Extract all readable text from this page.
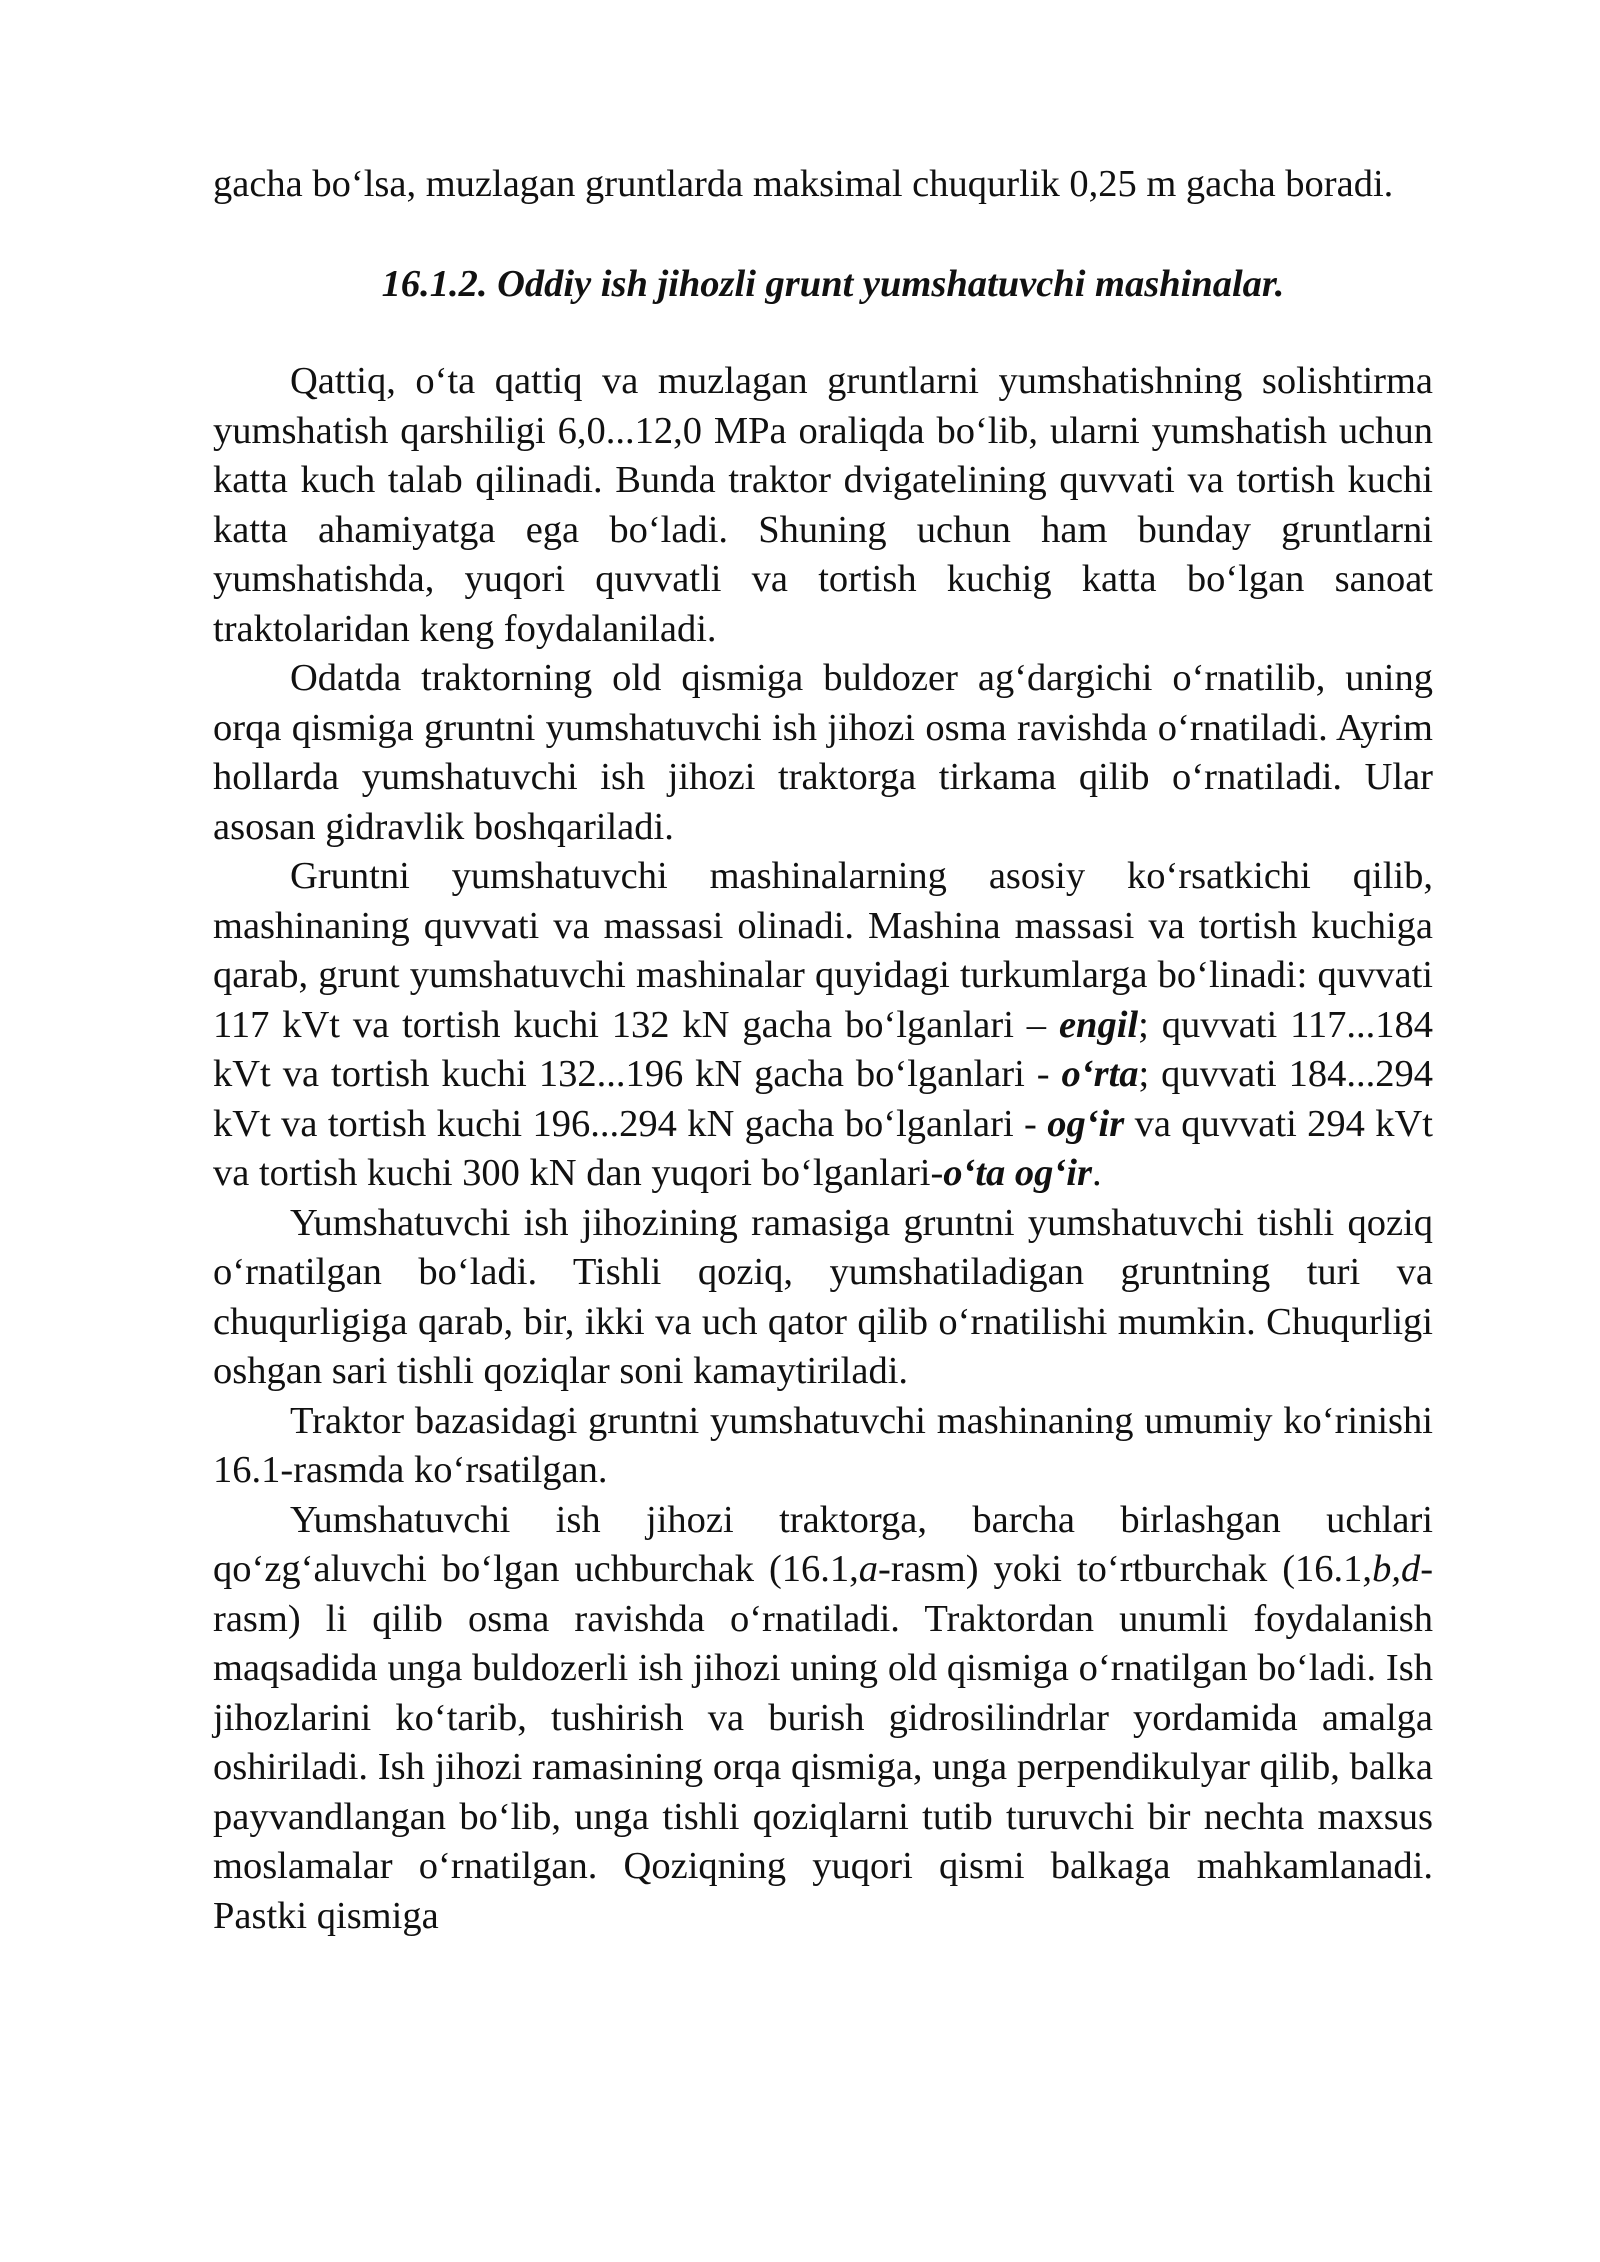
gacha bo‘lsa, muzlagan gruntlarda maksimal chuqurlik 0,25 m gacha boradi.

16.1.2. Oddiy ish jihozli grunt yumshatuvchi mashinalar.

Qattiq, o‘ta qattiq va muzlagan gruntlarni yumshatishning solishtirma yumshatish qarshiligi 6,0...12,0 MPa oraliqda bo‘lib, ularni yumshatish uchun katta kuch talab qilinadi. Bunda traktor dvigatelining quvvati va tortish kuchi katta ahamiyatga ega bo‘ladi. Shuning uchun ham bunday gruntlarni yumshatishda, yuqori quvvatli va tortish kuchig katta bo‘lgan sanoat traktolaridan keng foydalaniladi.

Odatda traktorning old qismiga buldozer ag‘dargichi o‘rnatilib, uning orqa qismiga gruntni yumshatuvchi ish jihozi osma ravishda o‘rnatiladi. Ayrim hollarda yumshatuvchi ish jihozi traktorga tirkama qilib o‘rnatiladi. Ular asosan gidravlik boshqariladi.

Gruntni yumshatuvchi mashinalarning asosiy ko‘rsatkichi qilib, mashinaning quvvati va massasi olinadi. Mashina massasi va tortish kuchiga qarab, grunt yumshatuvchi mashinalar quyidagi turkumlarga bo‘linadi: quvvati 117 kVt va tortish kuchi 132 kN gacha bo‘lganlari – engil; quvvati 117...184 kVt va tortish kuchi 132...196 kN gacha bo‘lganlari - o‘rta; quvvati 184...294 kVt va tortish kuchi 196...294 kN gacha bo‘lganlari - og‘ir va quvvati 294 kVt va tortish kuchi 300 kN dan yuqori bo‘lganlari-o‘ta og‘ir.

Yumshatuvchi ish jihozining ramasiga gruntni yumshatuvchi tishli qoziq o‘rnatilgan bo‘ladi. Tishli qoziq, yumshatiladigan gruntning turi va chuqurligiga qarab, bir, ikki va uch qator qilib o‘rnatilishi mumkin. Chuqurligi oshgan sari tishli qoziqlar soni kamaytiriladi.

Traktor bazasidagi gruntni yumshatuvchi mashinaning umumiy ko‘rinishi 16.1-rasmda ko‘rsatilgan.

Yumshatuvchi ish jihozi traktorga, barcha birlashgan uchlari qo‘zg‘aluvchi bo‘lgan uchburchak (16.1,a-rasm) yoki to‘rtburchak (16.1,b,d-rasm) li qilib osma ravishda o‘rnatiladi. Traktordan unumli foydalanish maqsadida unga buldozerli ish jihozi uning old qismiga o‘rnatilgan bo‘ladi. Ish jihozlarini ko‘tarib, tushirish va burish gidrosilindrlar yordamida amalga oshiriladi. Ish jihozi ramasining orqa qismiga, unga perpendikulyar qilib, balka payvandlangan bo‘lib, unga tishli qoziqlarni tutib turuvchi bir nechta maxsus moslamalar o‘rnatilgan. Qoziqning yuqori qismi balkaga mahkamlanadi. Pastki qismiga
